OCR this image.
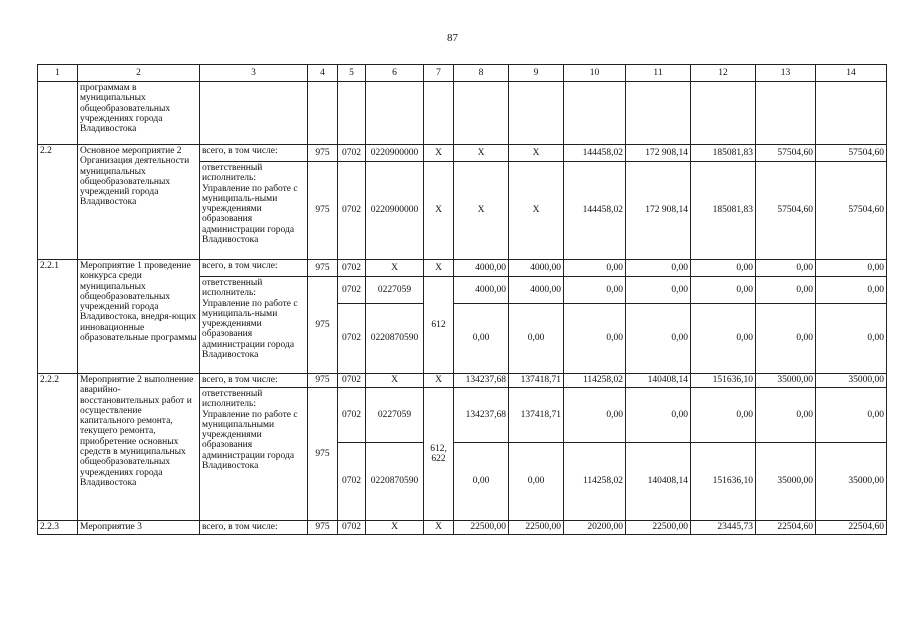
87
1	2	3	4	5	6	7	8	9	10	11	12	13	14
	программам в муниципальных общеобразовательных учреждениях города Владивостока												
2.2	Основное мероприятие 2 Организация деятельности муниципальных общеобразовательных учреждений города Владивостока	всего, в том числе:	975	0702	0220900000	X	X	X	144458,02	172 908,14	185081,83	57504,60	57504,60
		ответственный исполнитель: Управление по работе с муниципаль-ными учреждениями образования администрации города Владивостока	975	0702	0220900000	X	X	X	144458,02	172 908,14	185081,83	57504,60	57504,60
2.2.1	Мероприятие 1 проведение конкурса среди муниципальных общеобразовательных учреждений города Владивостока, внедря-ющих инновационные образовательные программы	всего, в том числе:	975	0702	X	X	4000,00	4000,00	0,00	0,00	0,00	0,00	0,00
		ответственный исполнитель: Управление по работе с муниципаль-ными учреждениями образования администрации города Владивостока	975	0702	0227059	612	4000,00	4000,00	0,00	0,00	0,00	0,00	0,00
				0702	0220870590		0,00	0,00	0,00	0,00	0,00	0,00	0,00
2.2.2	Мероприятие 2 выполнение аварийно-восстановительных работ и осуществление капитального ремонта, текущего ремонта, приобретение основных средств в муниципальных общеобразовательных учреждениях города Владивостока	всего, в том числе:	975	0702	X	X	134237,68	137418,71	114258,02	140408,14	151636,10	35000,00	35000,00
		ответственный исполнитель: Управление по работе с муниципальными учреждениями образования администрации города Владивостока	975	0702	0227059	612, 622	134237,68	137418,71	0,00	0,00	0,00	0,00	0,00
				0702	0220870590		0,00	0,00	114258,02	140408,14	151636,10	35000,00	35000,00
2.2.3	Мероприятие 3	всего, в том числе:	975	0702	X	X	22500,00	22500,00	20200,00	22500,00	23445,73	22504,60	22504,60
